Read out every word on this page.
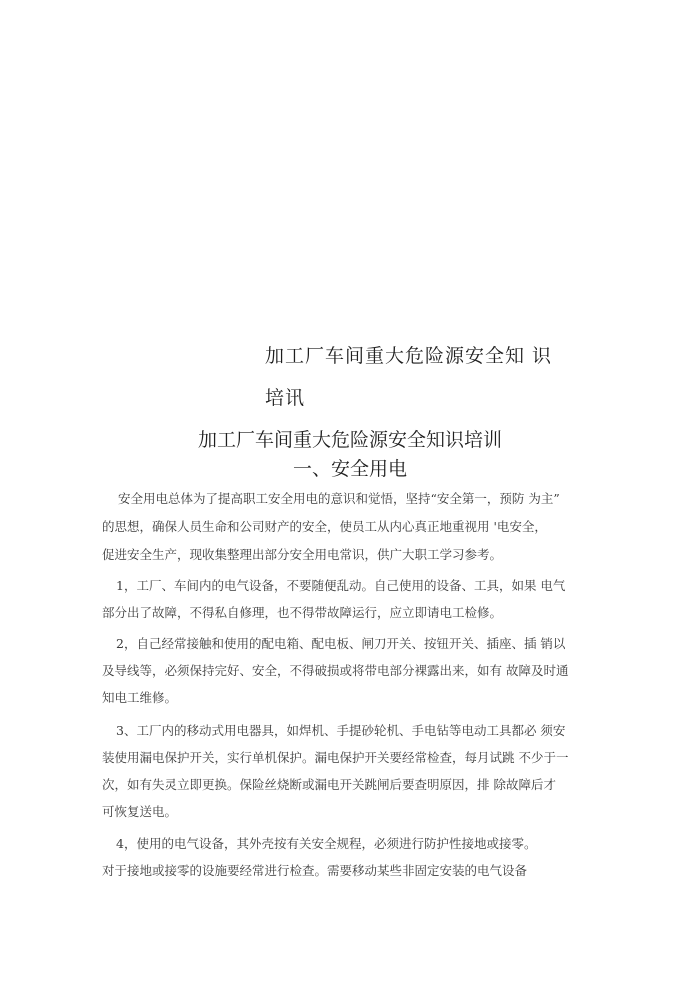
加工厂车间重大危险源安全知 识
培讯
加工厂车间重大危险源安全知识培训
一、安全用电
安全用电总体为了提高职工安全用电的意识和觉悟，坚持“安全第一，预防 为主”
的思想，确保人员生命和公司财产的安全，使员工从内心真正地重视用 '电安全，
促进安全生产，现收集整理出部分安全用电常识，供广大职工学习参考。
1，工厂、车间内的电气设备，不要随便乱动。自己使用的设备、工具，如果 电气
部分出了故障，不得私自修理，也不得带故障运行，应立即请电工检修。
2，自己经常接触和使用的配电箱、配电板、闸刀开关、按钮开关、插座、插 销以
及导线等，必须保持完好、安全，不得破损或将带电部分裸露出来，如有 故障及时通
知电工维修。
3、工厂内的移动式用电器具，如焊机、手提砂轮机、手电钻等电动工具都必 须安
装使用漏电保护开关，实行单机保护。漏电保护开关要经常检查，每月试跳 不少于一
次，如有失灵立即更换。保险丝烧断或漏电开关跳闸后要查明原因，排 除故障后才
可恢复送电。
4，使用的电气设备，其外壳按有关安全规程，必须进行防护性接地或接零。
对于接地或接零的设施要经常进行检查。需要移动某些非固定安装的电气设备
